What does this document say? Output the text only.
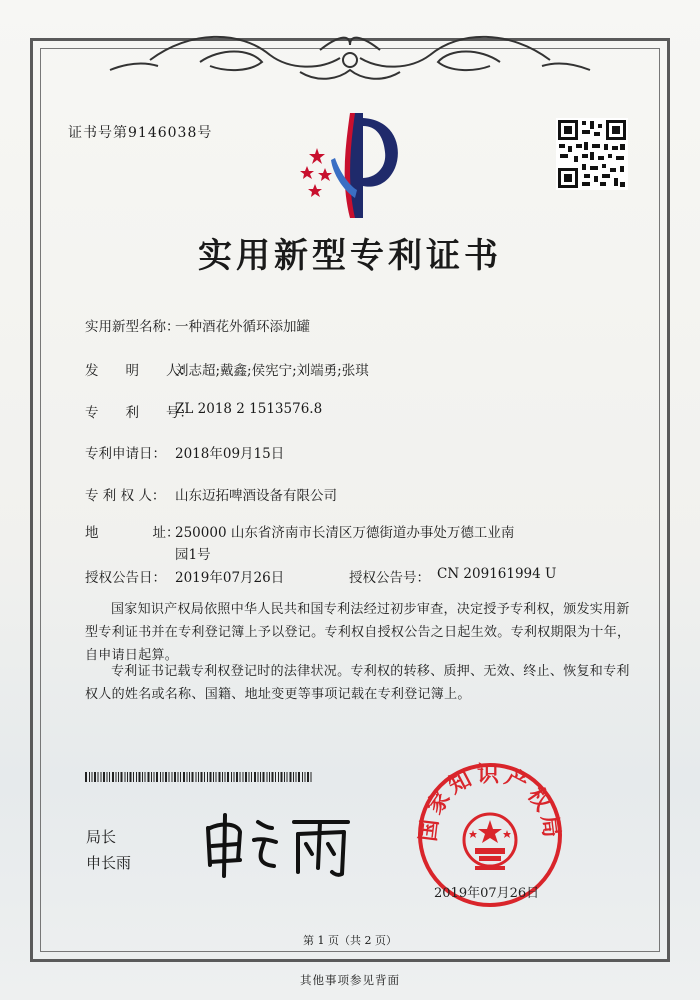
证书号第9146038号
实用新型专利证书
实用新型名称：
一种酒花外循环添加罐
发　　明　　人：
刘志超;戴鑫;侯宪宁;刘端勇;张琪
专　　利　　号：
ZL 2018 2 1513576.8
专利申请日： 2018年09月15日
专 利 权 人： 山东迈拓啤酒设备有限公司
地　　　　址：
250000 山东省济南市长清区万德街道办事处万德工业南
园1号
授权公告日： 2019年07月26日	授权公告号： CN 209161994 U
国家知识产权局依照中华人民共和国专利法经过初步审查，决定授予专利权，颁发实用新型专利证书并在专利登记簿上予以登记。专利权自授权公告之日起生效。专利权期限为十年，自申请日起算。
专利证书记载专利权登记时的法律状况。专利权的转移、质押、无效、终止、恢复和专利权人的姓名或名称、国籍、地址变更等事项记载在专利登记簿上。
局长
申长雨
国家知识产权局
2019年07月26日
第 1 页（共 2 页）
其他事项参见背面
